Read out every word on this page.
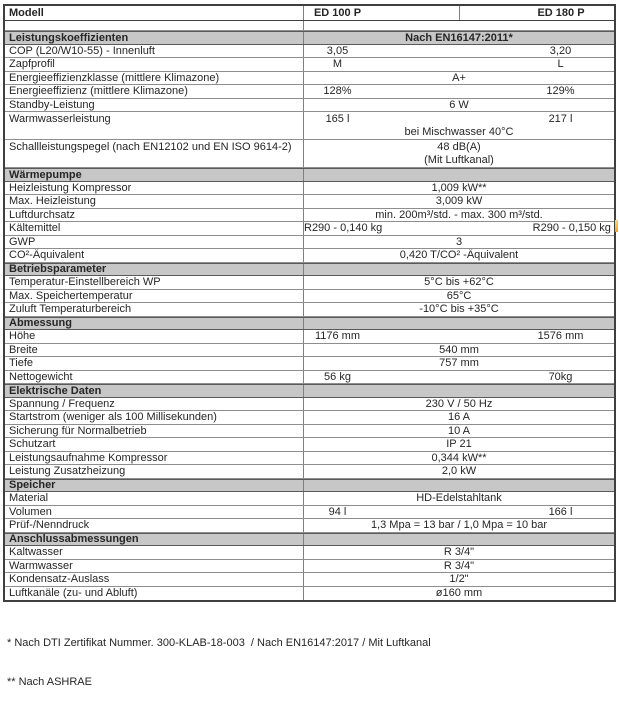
Modell	ED 100 P	ED 180 P
Leistungskoeffizienten	Nach EN16147:2011*
COP (L20/W10-55) - Innenluft	3,05	3,20
Zapfprofil	M	L
Energieeffizienzklasse (mittlere Klimazone)	A+
Energieeffizienz (mittlere Klimazone)	128%	129%
Standby-Leistung	6 W
Warmwasserleistung	165 l	217 l
bei Mischwasser 40°C
Schallleistungspegel (nach EN12102 und EN ISO 9614-2)	48 dB(A)
(Mit Luftkanal)
Wärmepumpe
Heizleistung Kompressor	1,009 kW**
Max. Heizleistung	3,009 kW
Luftdurchsatz	min. 200m³/std. - max. 300 m³/std.
Kältemittel	R290 - 0,140 kg	R290 - 0,150 kg
GWP	3
CO²-Äquivalent	0,420 T/CO² -Äquivalent
Betriebsparameter
Temperatur-Einstellbereich WP	5°C bis +62°C
Max. Speichertemperatur	65°C
Zuluft Temperaturbereich	-10°C bis +35°C
Abmessung
Höhe	1176 mm	1576 mm
Breite	540 mm
Tiefe	757 mm
Nettogewicht	56 kg	70kg
Elektrische Daten
Spannung / Frequenz	230 V / 50 Hz
Startstrom (weniger als 100 Millisekunden)	16 A
Sicherung für Normalbetrieb	10 A
Schutzart	IP 21
Leistungsaufnahme Kompressor	0,344 kW**
Leistung Zusatzheizung	2,0 kW
Speicher
Material	HD-Edelstahltank
Volumen	94 l	166 l
Prüf-/Nenndruck	1,3 Mpa = 13 bar / 1,0 Mpa = 10 bar
Anschlussabmessungen
Kaltwasser	R 3/4"
Warmwasser	R 3/4"
Kondensatz-Auslass	1/2"
Luftkanäle (zu- und Abluft)	ø160 mm

* Nach DTI Zertifikat Nummer. 300-KLAB-18-003  / Nach EN16147:2017 / Mit Luftkanal

** Nach ASHRAE
